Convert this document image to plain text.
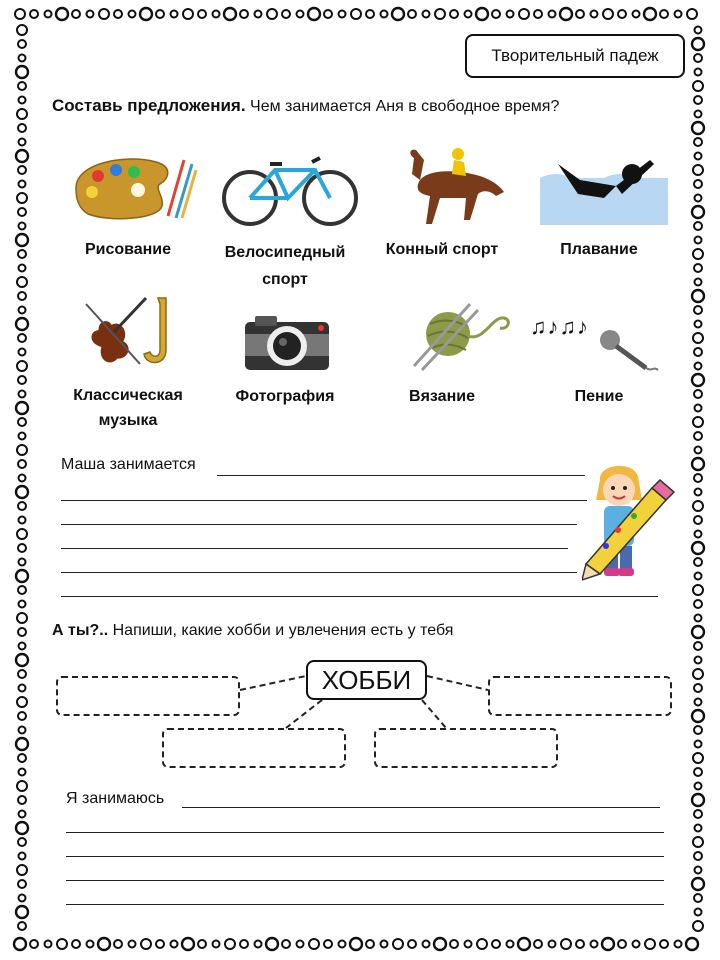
Творительный падеж
Составь предложения. Чем занимается Аня в свободное время?
Рисование	Велосипедный спорт
Конный спорт	Плавание
♫♪♫♪
Классическая музыка
Фотография	Вязание	Пение
Маша занимается
А ты?.. Напиши, какие хобби и увлечения есть у тебя
ХОББИ
Я занимаюсь
